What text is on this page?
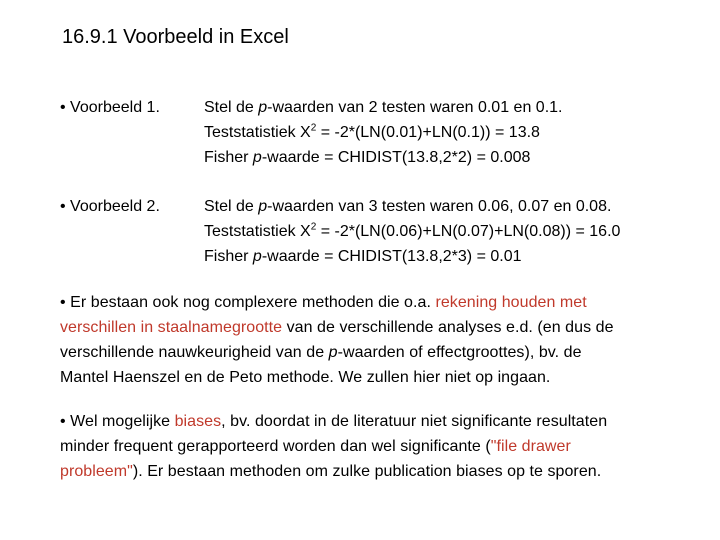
16.9.1 Voorbeeld in Excel
• Voorbeeld 1.	Stel de p-waarden van 2 testen waren 0.01 en 0.1.
Teststatistiek $X^2 = -2*(LN(0.01)+LN(0.1)) = 13.8$
Fisher p-waarde = CHIDIST(13.8,2*2) = 0.008
• Voorbeeld 2.	Stel de p-waarden van 3 testen waren 0.06, 0.07 en 0.08.
Teststatistiek $X^2 = -2*(LN(0.06)+LN(0.07)+LN(0.08)) = 16.0$
Fisher p-waarde = CHIDIST(13.8,2*3) = 0.01
• Er bestaan ook nog complexere methoden die o.a. rekening houden met
verschillen in staalnamegrootte van de verschillende analyses e.d. (en dus de
verschillende nauwkeurigheid van de p-waarden of effectgroottes), bv. de
Mantel Haenszel en de Peto methode. We zullen hier niet op ingaan.
• Wel mogelijke biases, bv. doordat in de literatuur niet significante resultaten
minder frequent gerapporteerd worden dan wel significante ("file drawer
probleem"). Er bestaan methoden om zulke publication biases op te sporen.
